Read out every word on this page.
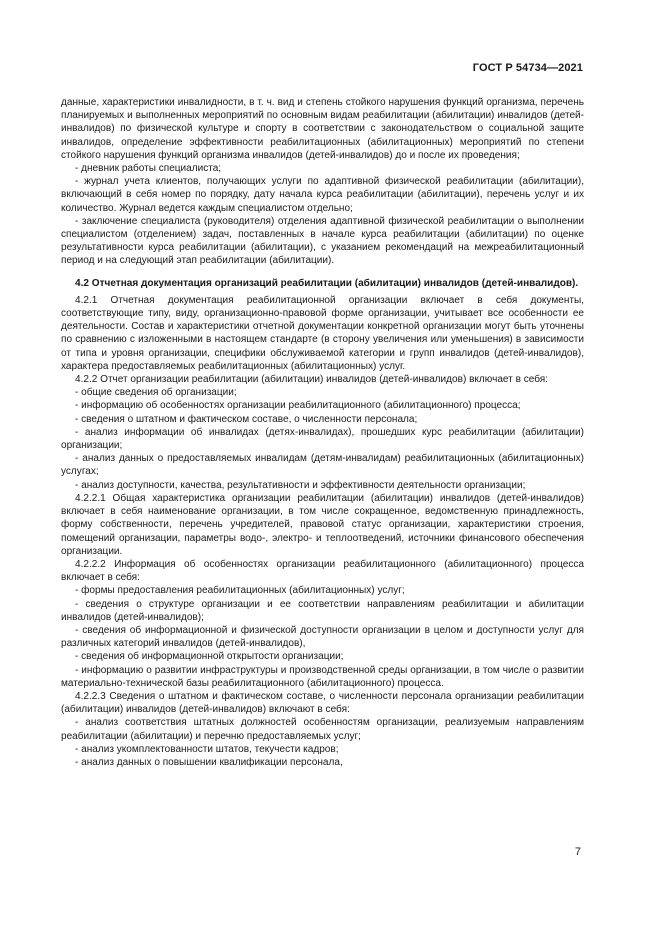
ГОСТ Р 54734—2021

данные, характеристики инвалидности, в т. ч. вид и степень стойкого нарушения функций организма, перечень планируемых и выполненных мероприятий по основным видам реабилитации (абилитации) инвалидов (детей-инвалидов) по физической культуре и спорту в соответствии с законодательством о социальной защите инвалидов, определение эффективности реабилитационных (абилитационных) мероприятий по степени стойкого нарушения функций организма инвалидов (детей-инвалидов) до и после их проведения;

- дневник работы специалиста;

- журнал учета клиентов, получающих услуги по адаптивной физической реабилитации (абилитации), включающий в себя номер по порядку, дату начала курса реабилитации (абилитации), перечень услуг и их количество. Журнал ведется каждым специалистом отдельно;

- заключение специалиста (руководителя) отделения адаптивной физической реабилитации о выполнении специалистом (отделением) задач, поставленных в начале курса реабилитации (абилитации) по оценке результативности курса реабилитации (абилитации), с указанием рекомендаций на межреабилитационный период и на следующий этап реабилитации (абилитации).

4.2 Отчетная документация организаций реабилитации (абилитации) инвалидов (детей-инвалидов).

4.2.1 Отчетная документация реабилитационной организации включает в себя документы, соответствующие типу, виду, организационно-правовой форме организации, учитывает все особенности ее деятельности. Состав и характеристики отчетной документации конкретной организации могут быть уточнены по сравнению с изложенными в настоящем стандарте (в сторону увеличения или уменьшения) в зависимости от типа и уровня организации, специфики обслуживаемой категории и групп инвалидов (детей-инвалидов), характера предоставляемых реабилитационных (абилитационных) услуг.

4.2.2 Отчет организации реабилитации (абилитации) инвалидов (детей-инвалидов) включает в себя:

- общие сведения об организации;

- информацию об особенностях организации реабилитационного (абилитационного) процесса;

- сведения о штатном и фактическом составе, о численности персонала;

- анализ информации об инвалидах (детях-инвалидах), прошедших курс реабилитации (абилитации) организации;

- анализ данных о предоставляемых инвалидам (детям-инвалидам) реабилитационных (абилитационных) услугах;

- анализ доступности, качества, результативности и эффективности деятельности организации;

4.2.2.1 Общая характеристика организации реабилитации (абилитации) инвалидов (детей-инвалидов) включает в себя наименование организации, в том числе сокращенное, ведомственную принадлежность, форму собственности, перечень учредителей, правовой статус организации, характеристики строения, помещений организации, параметры водо-, электро- и теплоотведений, источники финансового обеспечения организации.

4.2.2.2 Информация об особенностях организации реабилитационного (абилитационного) процесса включает в себя:

- формы предоставления реабилитационных (абилитационных) услуг;

- сведения о структуре организации и ее соответствии направлениям реабилитации и абилитации инвалидов (детей-инвалидов);

- сведения об информационной и физической доступности организации в целом и доступности услуг для различных категорий инвалидов (детей-инвалидов),

- сведения об информационной открытости организации;

- информацию о развитии инфраструктуры и производственной среды организации, в том числе о развитии материально-технической базы реабилитационного (абилитационного) процесса.

4.2.2.3 Сведения о штатном и фактическом составе, о численности персонала организации реабилитации (абилитации) инвалидов (детей-инвалидов) включают в себя:

- анализ соответствия штатных должностей особенностям организации, реализуемым направлениям реабилитации (абилитации) и перечню предоставляемых услуг;

- анализ укомплектованности штатов, текучести кадров;

- анализ данных о повышении квалификации персонала,

7
